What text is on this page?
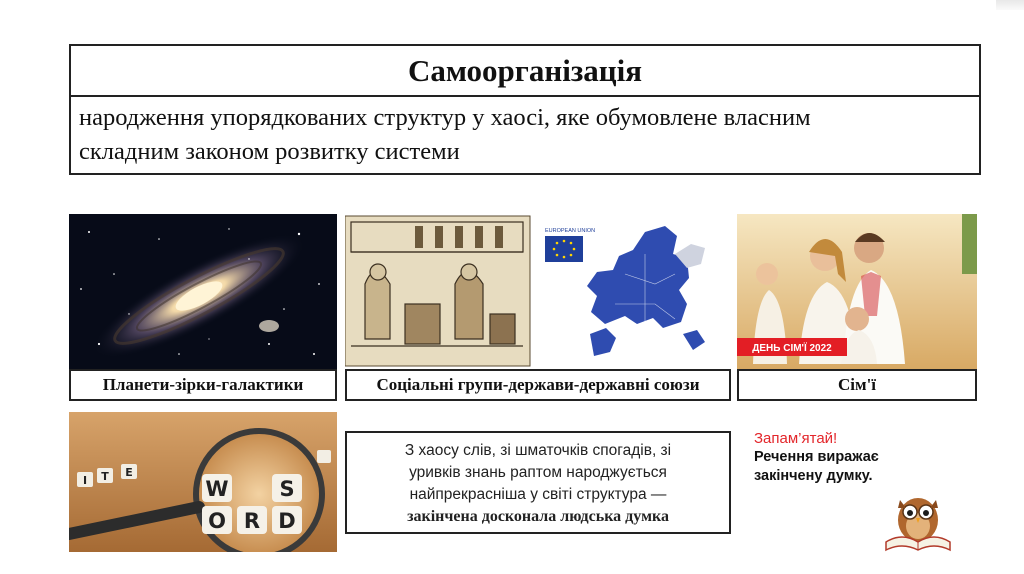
Самоорганізація
народження упорядкованих структур у хаосі, яке обумовлене власним
складним законом розвитку системи
Планети-зірки-галактики
EUROPEAN UNION
Соціальні групи-держави-державні союзи
ДЕНЬ СІМ'Ї 2022
Сім'ї
W S
O R D
I T E
З хаосу слів, зі шматочків спогадів, зі
уривків знань раптом народжується
найпрекрасніша у світі структура —
закінчена досконала людська думка
Запам’ятай!
Речення виражає
закінчену думку.
